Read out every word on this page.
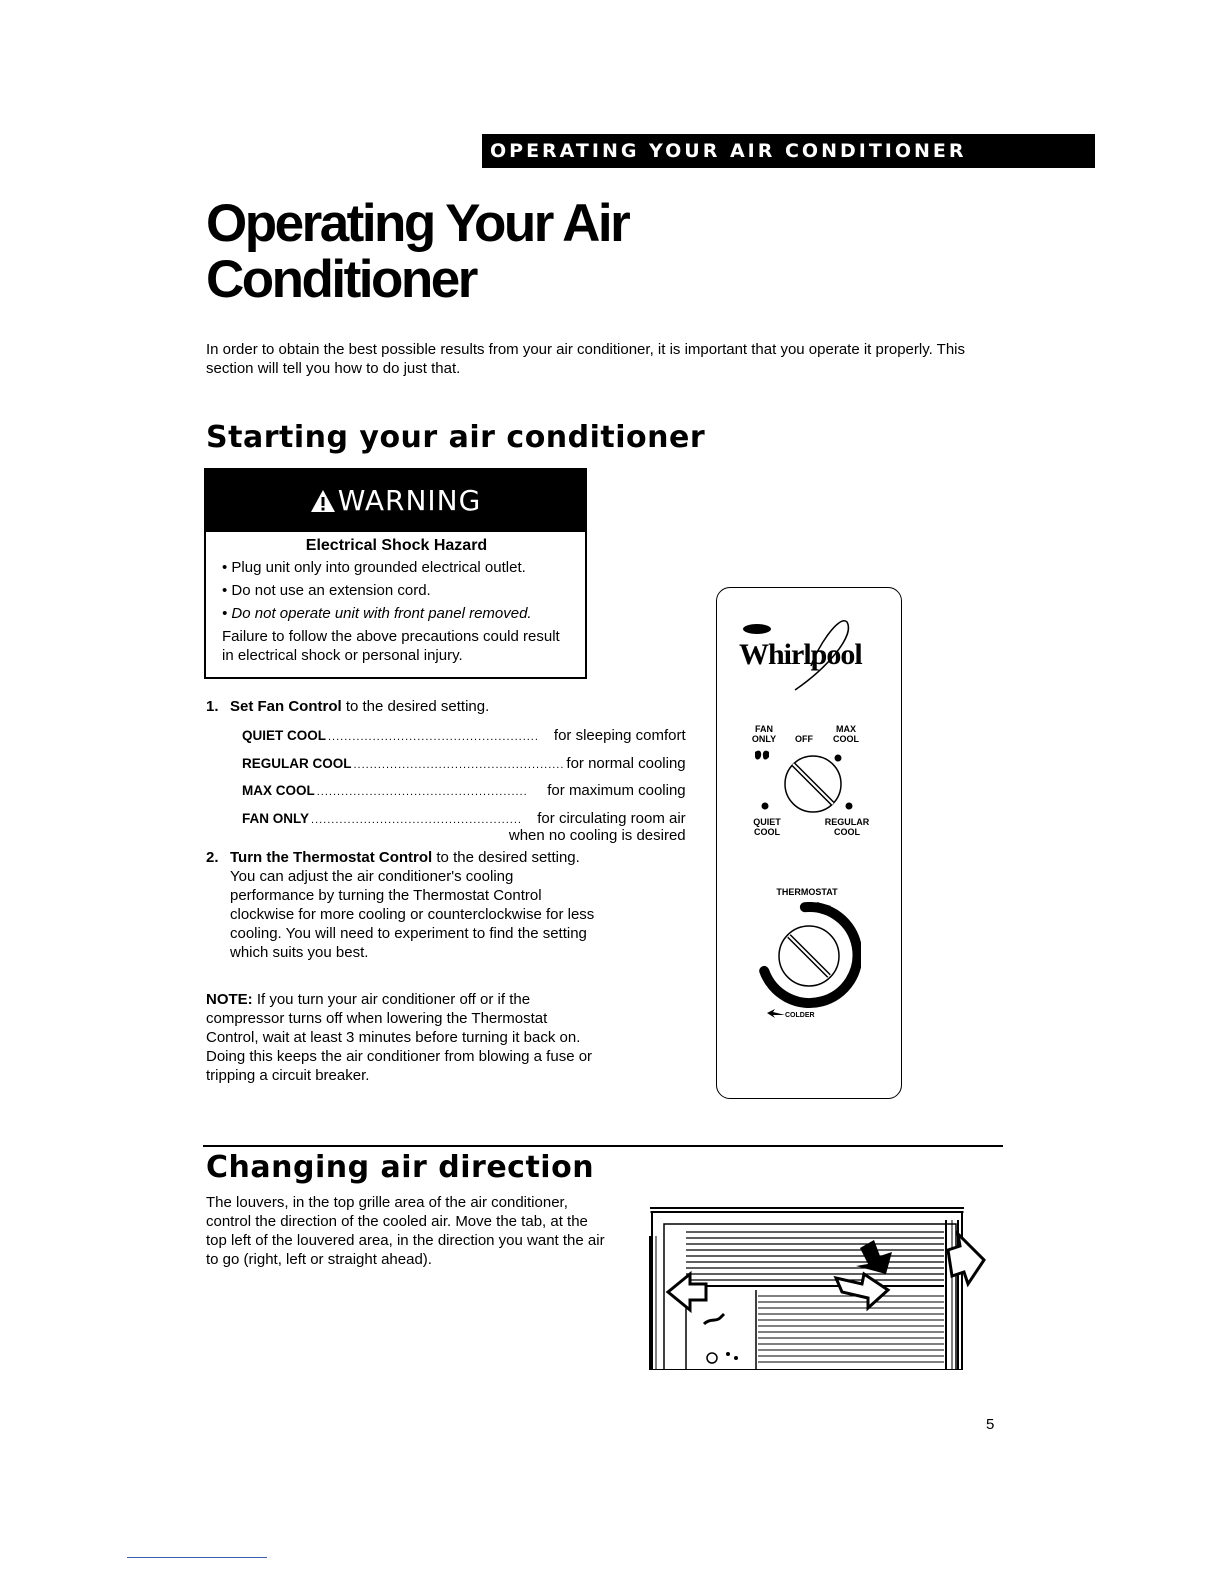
OPERATING YOUR AIR CONDITIONER
Operating Your Air
Conditioner
In order to obtain the best possible results from your air conditioner, it is important that you operate it properly. This section will tell you how to do just that.
Starting your air conditioner
WARNING

Electrical Shock Hazard

• Plug unit only into grounded electrical outlet.

• Do not use an extension cord.

• Do not operate unit with front panel removed.

Failure to follow the above precautions could result in electrical shock or personal injury.

1. Set Fan Control to the desired setting.
QUIET COOL ....................................................	for sleeping comfort
REGULAR COOL .................................................... for normal cooling
MAX COOL ....................................................	for maximum cooling
FAN ONLY ....................................................	for circulating room air
when no cooling is desired
2. Turn the Thermostat Control to the desired setting. You can adjust the air conditioner's cooling performance by turning the Thermostat Control clockwise for more cooling or counterclockwise for less cooling. You will need to experiment to find the setting which suits you best.
NOTE: If you turn your air conditioner off or if the compressor turns off when lowering the Thermostat Control, wait at least 3 minutes before turning it back on. Doing this keeps the air conditioner from blowing a fuse or tripping a circuit breaker.
Whirlpool
FAN ONLY	OFF
MAX COOL
QUIET COOL
REGULAR COOL
THERMOSTAT
COLDER
Changing air direction
The louvers, in the top grille area of the air conditioner, control the direction of the cooled air. Move the tab, at the top left of the louvered area, in the direction you want the air to go (right, left or straight ahead).
5
